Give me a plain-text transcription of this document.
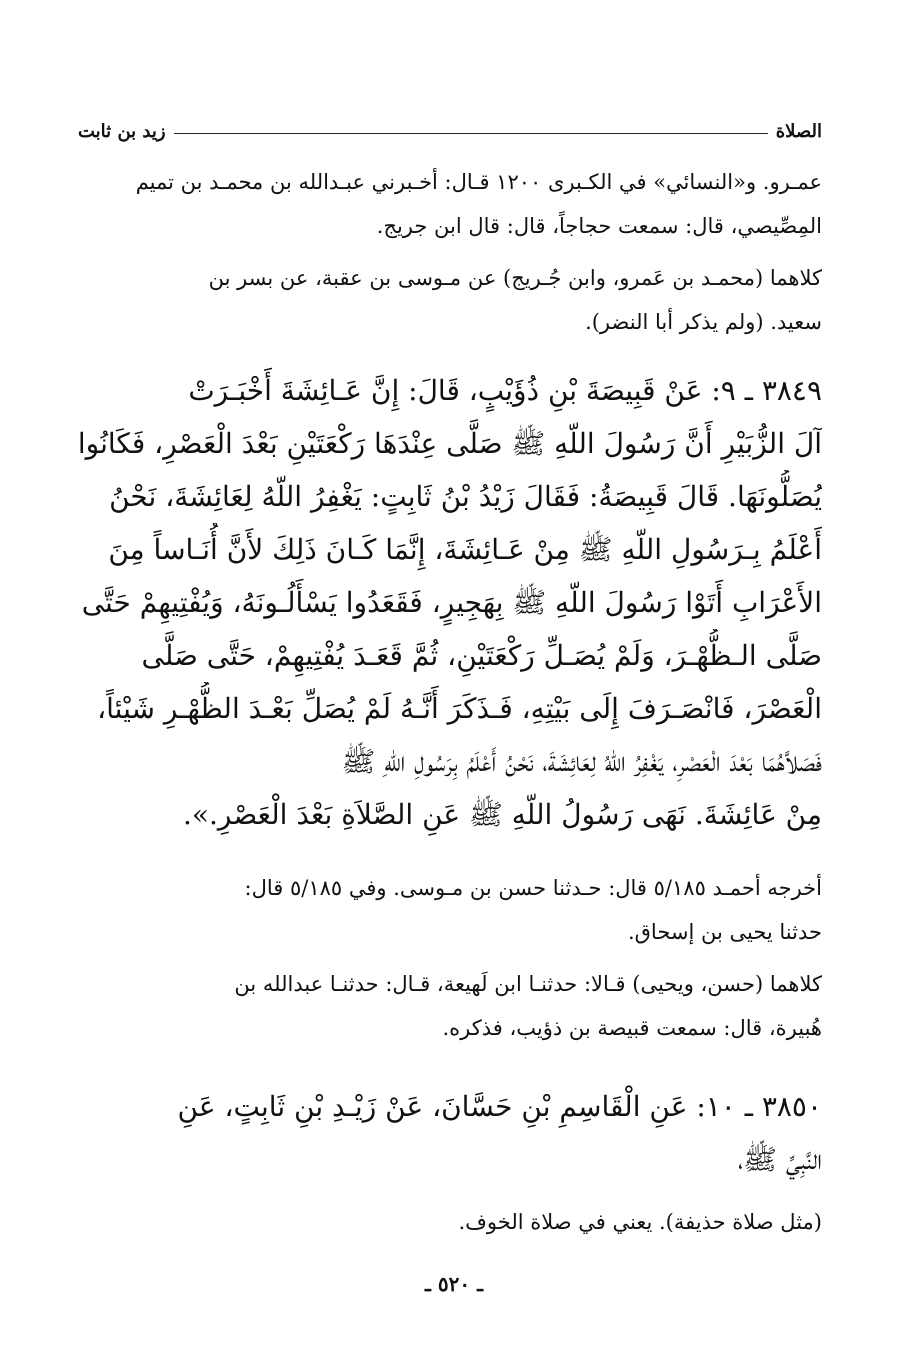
الصلاة
زيد بن ثابت
عمـرو. و«النسائي» في الكـبرى ١٢٠٠ قـال: أخـبرني عبـدالله بن محمـد بن تميم
المِصِّيصي، قال: سمعت حجاجاً، قال: قال ابن جريج.
كلاهما (محمـد بن عَمرو، وابن جُـريج) عن مـوسى بن عقبة، عن بسر بن
سعيد. (ولم يذكر أبا النضر).
٣٨٤٩ ـ ٩: عَنْ قَبِيصَةَ بْنِ ذُؤَيْبٍ، قَالَ: إِنَّ عَـائِشَةَ أَخْبَـرَتْ
آلَ الزُّبَيْرِ أَنَّ رَسُولَ اللّهِ ﷺ صَلَّى عِنْدَهَا رَكْعَتَيْنِ بَعْدَ الْعَصْرِ، فَكَانُوا
يُصَلُّونَهَا. قَالَ قَبِيصَةُ: فَقَالَ زَيْدُ بْنُ ثَابِتٍ: يَغْفِرُ اللّهُ لِعَائِشَةَ، نَحْنُ
أَعْلَمُ بِـرَسُولِ اللّهِ ﷺ مِنْ عَـائِشَةَ، إِنَّمَا كَـانَ ذَلِكَ لأَنَّ أُنَـاساً مِنَ
الأَعْرَابِ أَتَوْا رَسُولَ اللّهِ ﷺ بِهَجِيرٍ، فَقَعَدُوا يَسْأَلُـونَهُ، وَيُفْتِيهِمْ حَتَّى
صَلَّى الـظُّهْـرَ، وَلَمْ يُصَـلِّ رَكْعَتَيْنِ، ثُمَّ قَعَـدَ يُفْتِيهِمْ، حَتَّى صَلَّى
الْعَصْرَ، فَانْصَـرَفَ إِلَى بَيْتِهِ، فَـذَكَرَ أَنَّـهُ لَمْ يُصَلِّ بَعْـدَ الظُّهْـرِ شَيْئاً،
فَصَلاَّهُمَا بَعْدَ الْعَصْرِ، يَغْفِرُ اللّهُ لِعَائِشَةَ، نَحْنُ أَعْلَمُ بِرَسُولِ اللّهِ ﷺ
مِنْ عَائِشَةَ. نَهَى رَسُولُ اللّهِ ﷺ عَنِ الصَّلاَةِ بَعْدَ الْعَصْرِ.».
أخرجه أحمـد ٥/١٨٥ قال: حـدثنا حسن بن مـوسى. وفي ٥/١٨٥ قال:
حدثنا يحيى بن إسحاق.
كلاهما (حسن، ويحيى) قـالا: حدثنـا ابن لَهيعة، قـال: حدثنـا عبدالله بن
هُبيرة، قال: سمعت قبيصة بن ذؤيب، فذكره.
٣٨٥٠ ـ ١٠: عَنِ الْقَاسِمِ بْنِ حَسَّانَ، عَنْ زَيْـدِ بْنِ ثَابِتٍ، عَنِ
النَّبِيِّ ﷺ،
(مثل صلاة حذيفة). يعني في صلاة الخوف.
ـ ٥٢٠ ـ
